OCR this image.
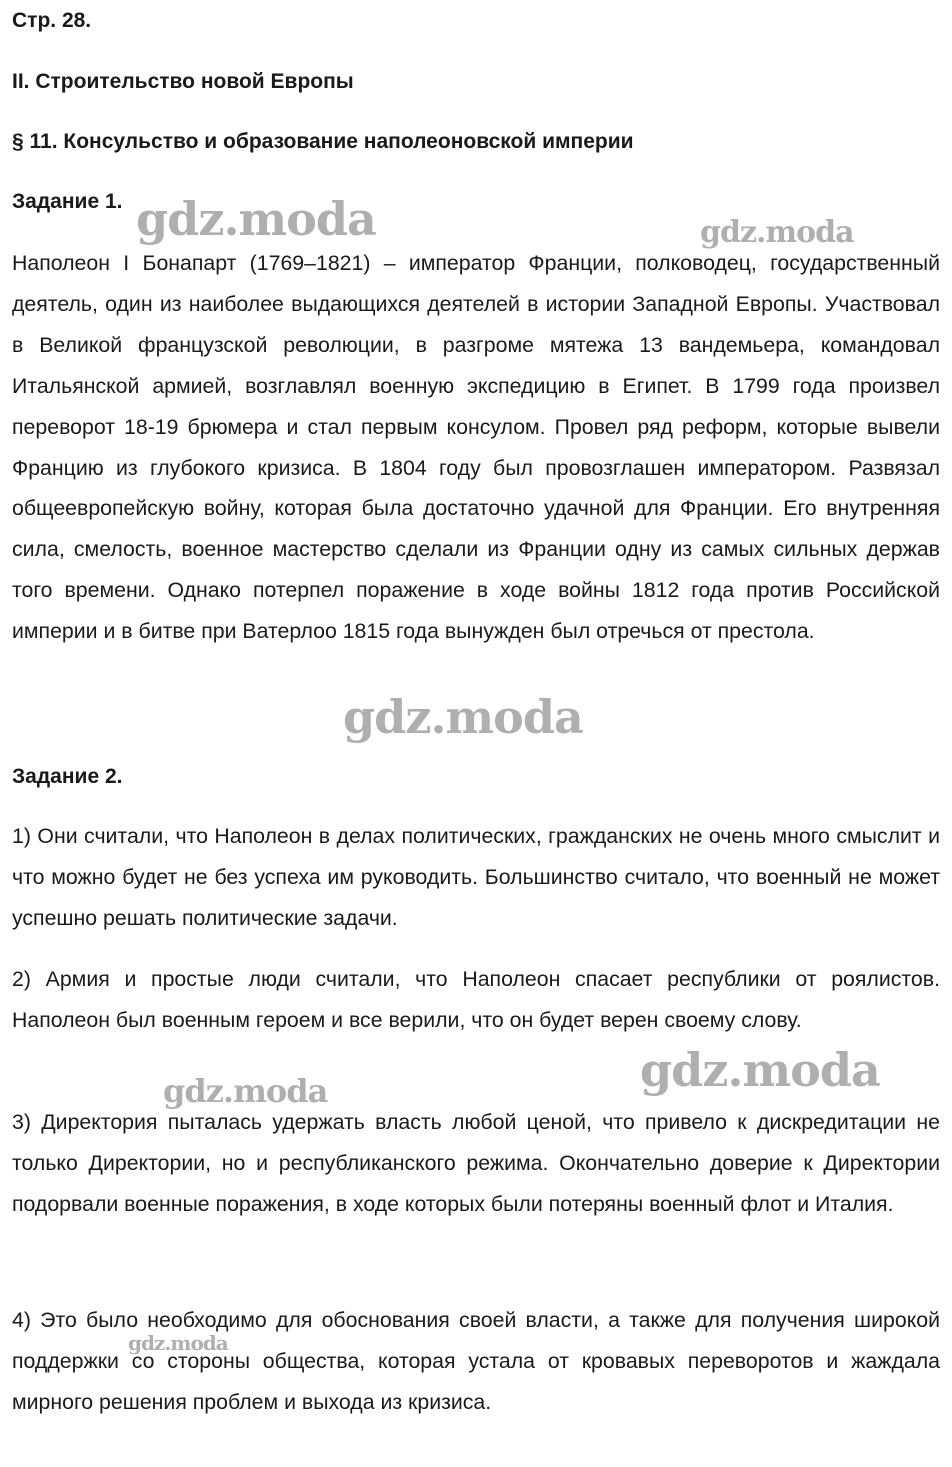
Стр. 28.
II. Строительство новой Европы
§ 11. Консульство и образование наполеоновской империи
Задание 1.

Наполеон I Бонапарт (1769–1821) – император Франции, полководец, государственный деятель, один из наиболее выдающихся деятелей в истории Западной Европы. Участвовал в Великой французской революции, в разгроме мятежа 13 вандемьера, командовал Итальянской армией, возглавлял военную экспедицию в Египет. В 1799 года произвел переворот 18-19 брюмера и стал первым консулом. Провел ряд реформ, которые вывели Францию из глубокого кризиса. В 1804 году был провозглашен императором. Развязал общеевропейскую войну, которая была достаточно удачной для Франции. Его внутренняя сила, смелость, военное мастерство сделали из Франции одну из самых сильных держав того времени. Однако потерпел поражение в ходе войны 1812 года против Российской империи и в битве при Ватерлоо 1815 года вынужден был отречься от престола.

Задание 2.

1) Они считали, что Наполеон в делах политических, гражданских не очень много смыслит и что можно будет не без успеха им руководить. Большинство считало, что военный не может успешно решать политические задачи.

2) Армия и простые люди считали, что Наполеон спасает республики от роялистов. Наполеон был военным героем и все верили, что он будет верен своему слову.

3) Директория пыталась удержать власть любой ценой, что привело к дискредитации не только Директории, но и республиканского режима. Окончательно доверие к Директории подорвали военные поражения, в ходе которых были потеряны военный флот и Италия.

4) Это было необходимо для обоснования своей власти, а также для получения широкой поддержки со стороны общества, которая устала от кровавых переворотов и жаждала мирного решения проблем и выхода из кризиса.

gdz.moda	gdz.moda
gdz.moda
gdz.moda
gdz.moda
gdz.moda
